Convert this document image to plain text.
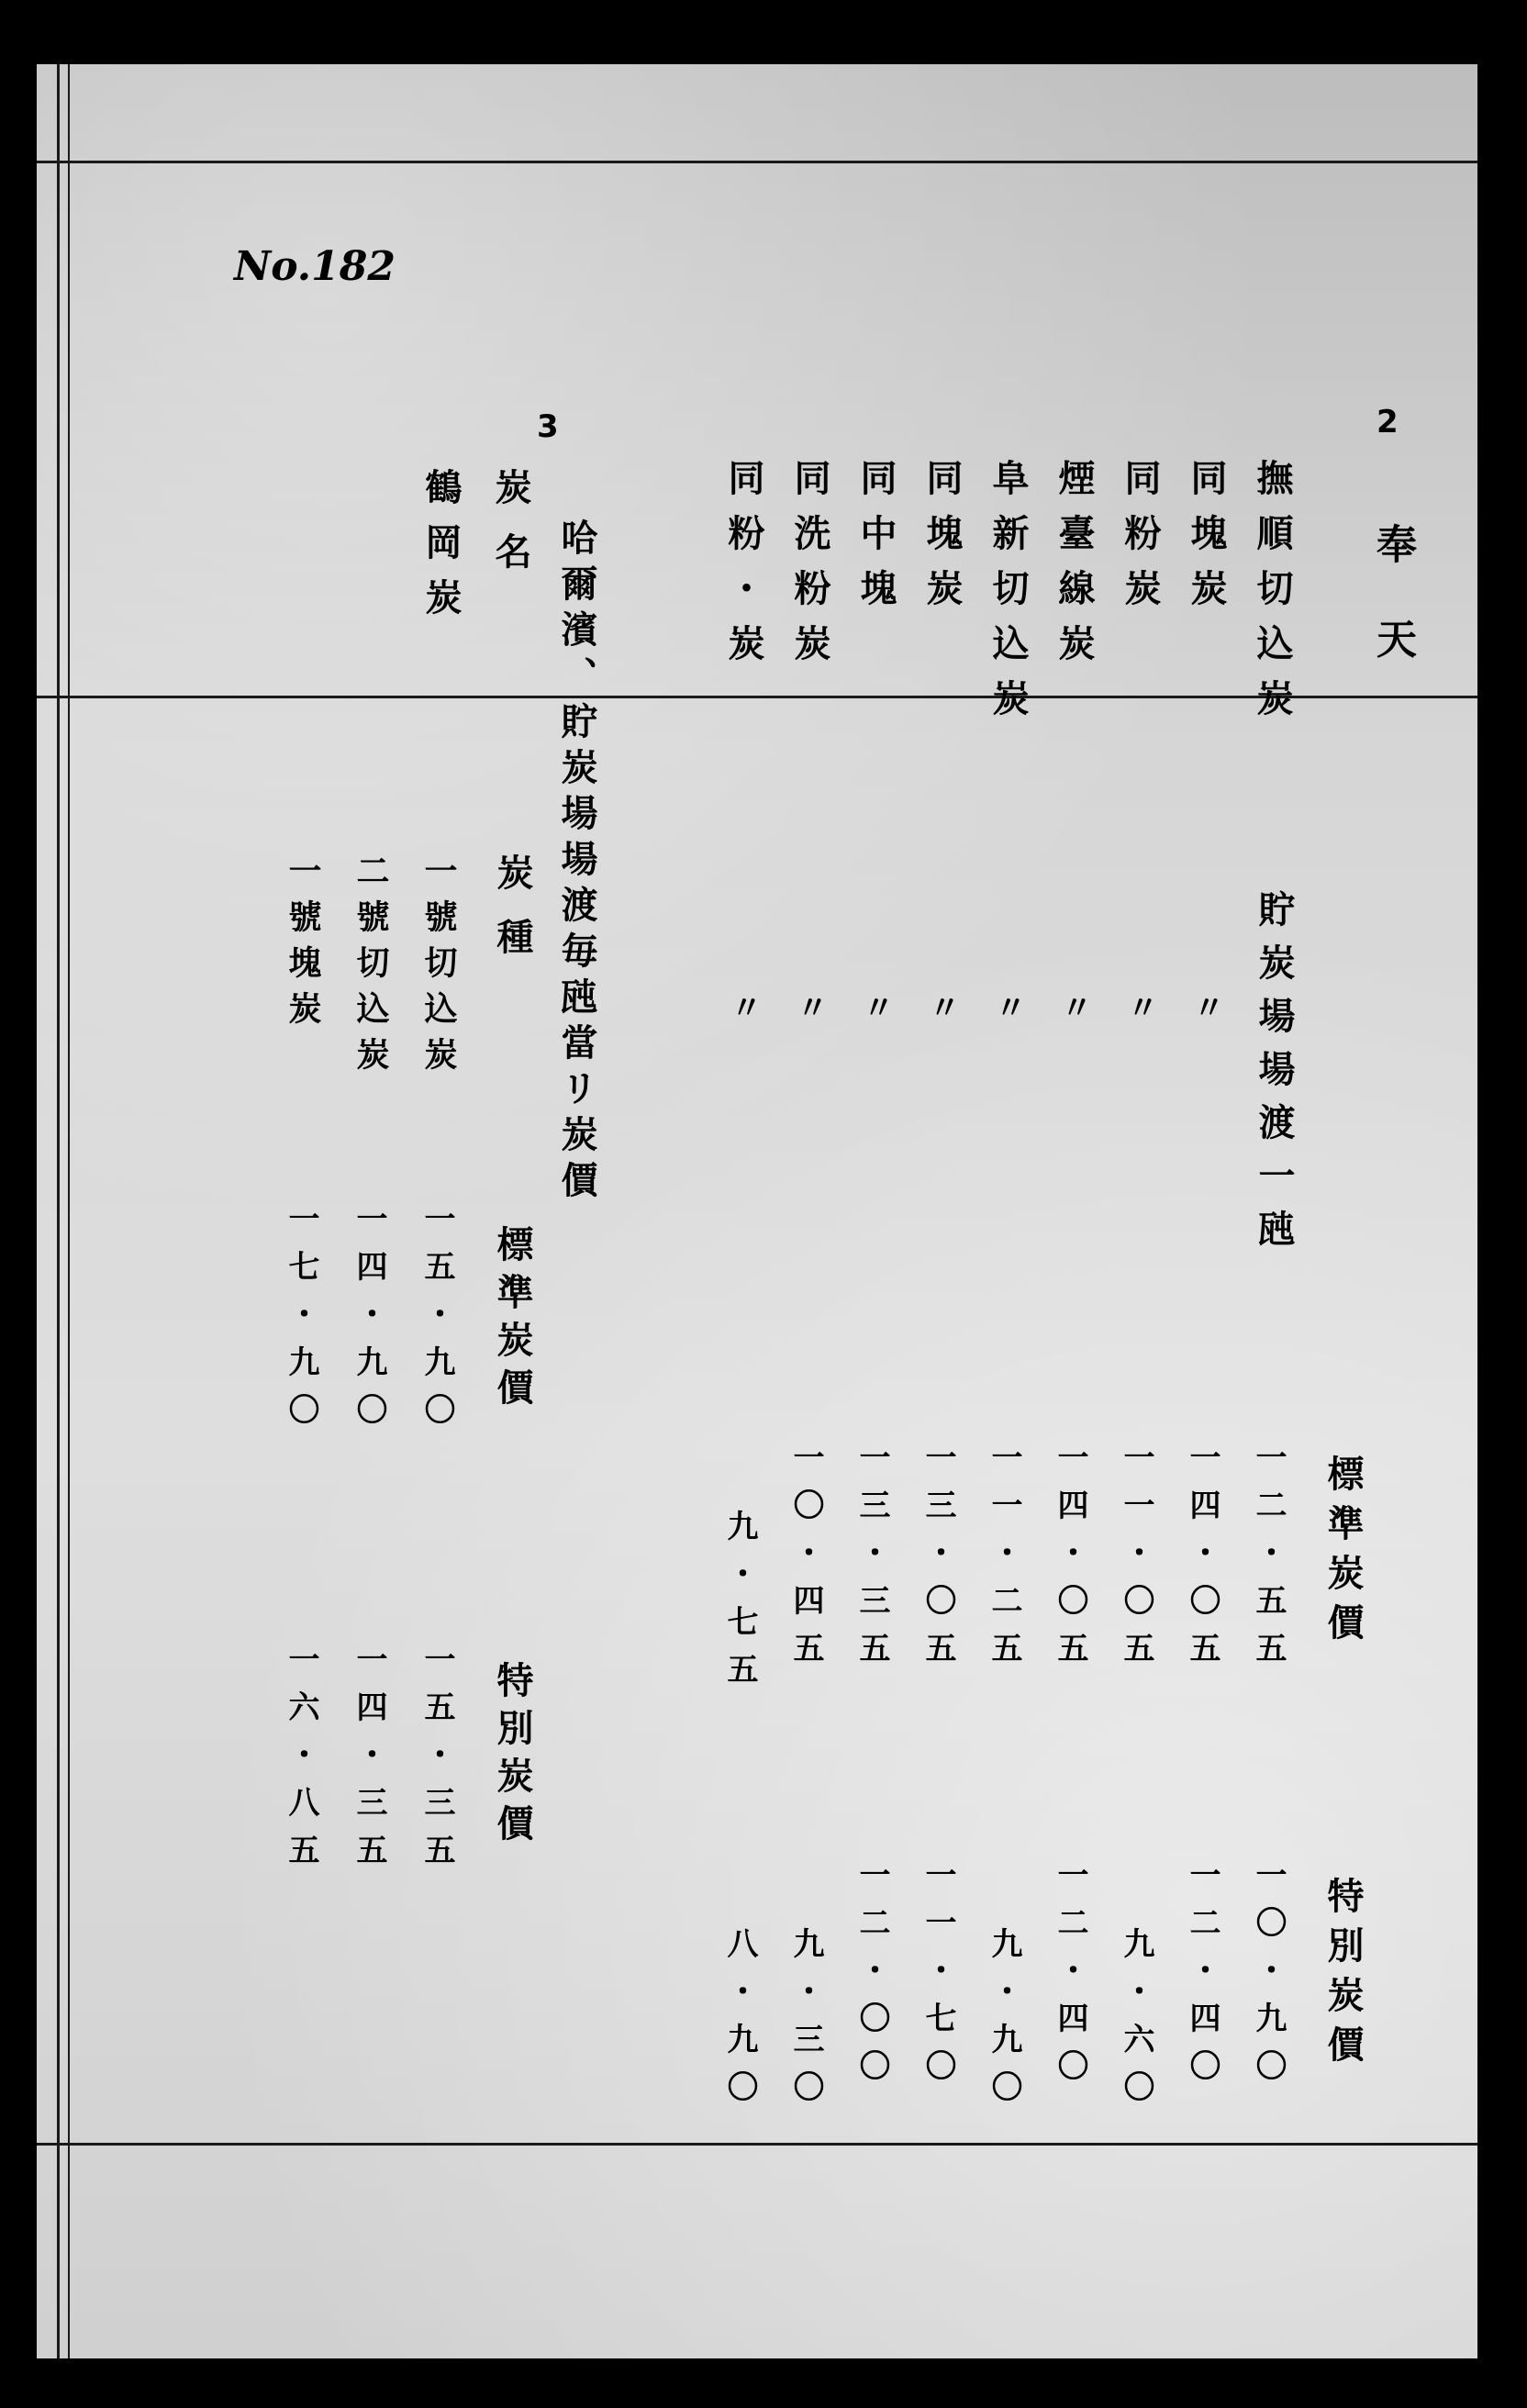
No.182
2
奉 天
貯炭場場渡一瓲
標準炭價
特別炭價
撫順切込炭
一二・五五
一〇・九〇
同塊炭
〃
一四・〇五
一二・四〇
同粉炭
〃
一一・〇五
九・六〇
煙臺線炭
〃
一四・〇五
一二・四〇
阜新切込炭
〃
一一・二五
九・九〇
同塊炭
〃
一三・〇五
一一・七〇
同中塊
〃
一三・三五
一二・〇〇
同洗粉炭
〃
一〇・四五
九・三〇
同粉・炭
〃
九・七五
八・九〇
3
哈爾濱、貯炭場場渡毎瓲當リ炭價
炭名
鶴岡炭
炭種
標準炭價
特別炭價
一號切込炭
一五・九〇
一五・三五
二號切込炭
一四・九〇
一四・三五
一號塊炭
一七・九〇
一六・八五
